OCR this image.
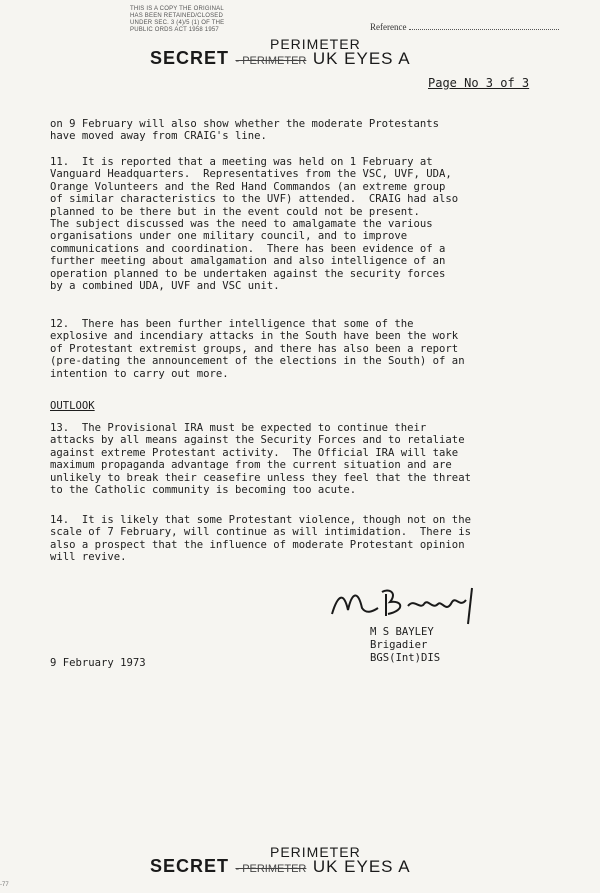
THIS IS A COPY THE ORIGINAL
HAS BEEN RETAINED/CLOSED
UNDER SEC. 3 (4)/5 (1) OF THE
PUBLIC ORDS ACT 1958 1957	Reference
SECRET - PERIMETER
PERIMETER
UK EYES A
Page No 3 of 3
on 9 February will also show whether the moderate Protestants
have moved away from CRAIG's line.
11.  It is reported that a meeting was held on 1 February at
Vanguard Headquarters.  Representatives from the VSC, UVF, UDA,
Orange Volunteers and the Red Hand Commandos (an extreme group
of similar characteristics to the UVF) attended.  CRAIG had also
planned to be there but in the event could not be present.
The subject discussed was the need to amalgamate the various
organisations under one military council, and to improve
communications and coordination.  There has been evidence of a
further meeting about amalgamation and also intelligence of an
operation planned to be undertaken against the security forces
by a combined UDA, UVF and VSC unit.
12.  There has been further intelligence that some of the
explosive and incendiary attacks in the South have been the work
of Protestant extremist groups, and there has also been a report
(pre-dating the announcement of the elections in the South) of an
intention to carry out more.
OUTLOOK
13.  The Provisional IRA must be expected to continue their
attacks by all means against the Security Forces and to retaliate
against extreme Protestant activity.  The Official IRA will take
maximum propaganda advantage from the current situation and are
unlikely to break their ceasefire unless they feel that the threat
to the Catholic community is becoming too acute.
14.  It is likely that some Protestant violence, though not on the
scale of 7 February, will continue as will intimidation.  There is
also a prospect that the influence of moderate Protestant opinion
will revive.
M S BAYLEY
Brigadier
BGS(Int)DIS
9 February 1973
SECRET - PERIMETER
PERIMETER
UK EYES A
-77
